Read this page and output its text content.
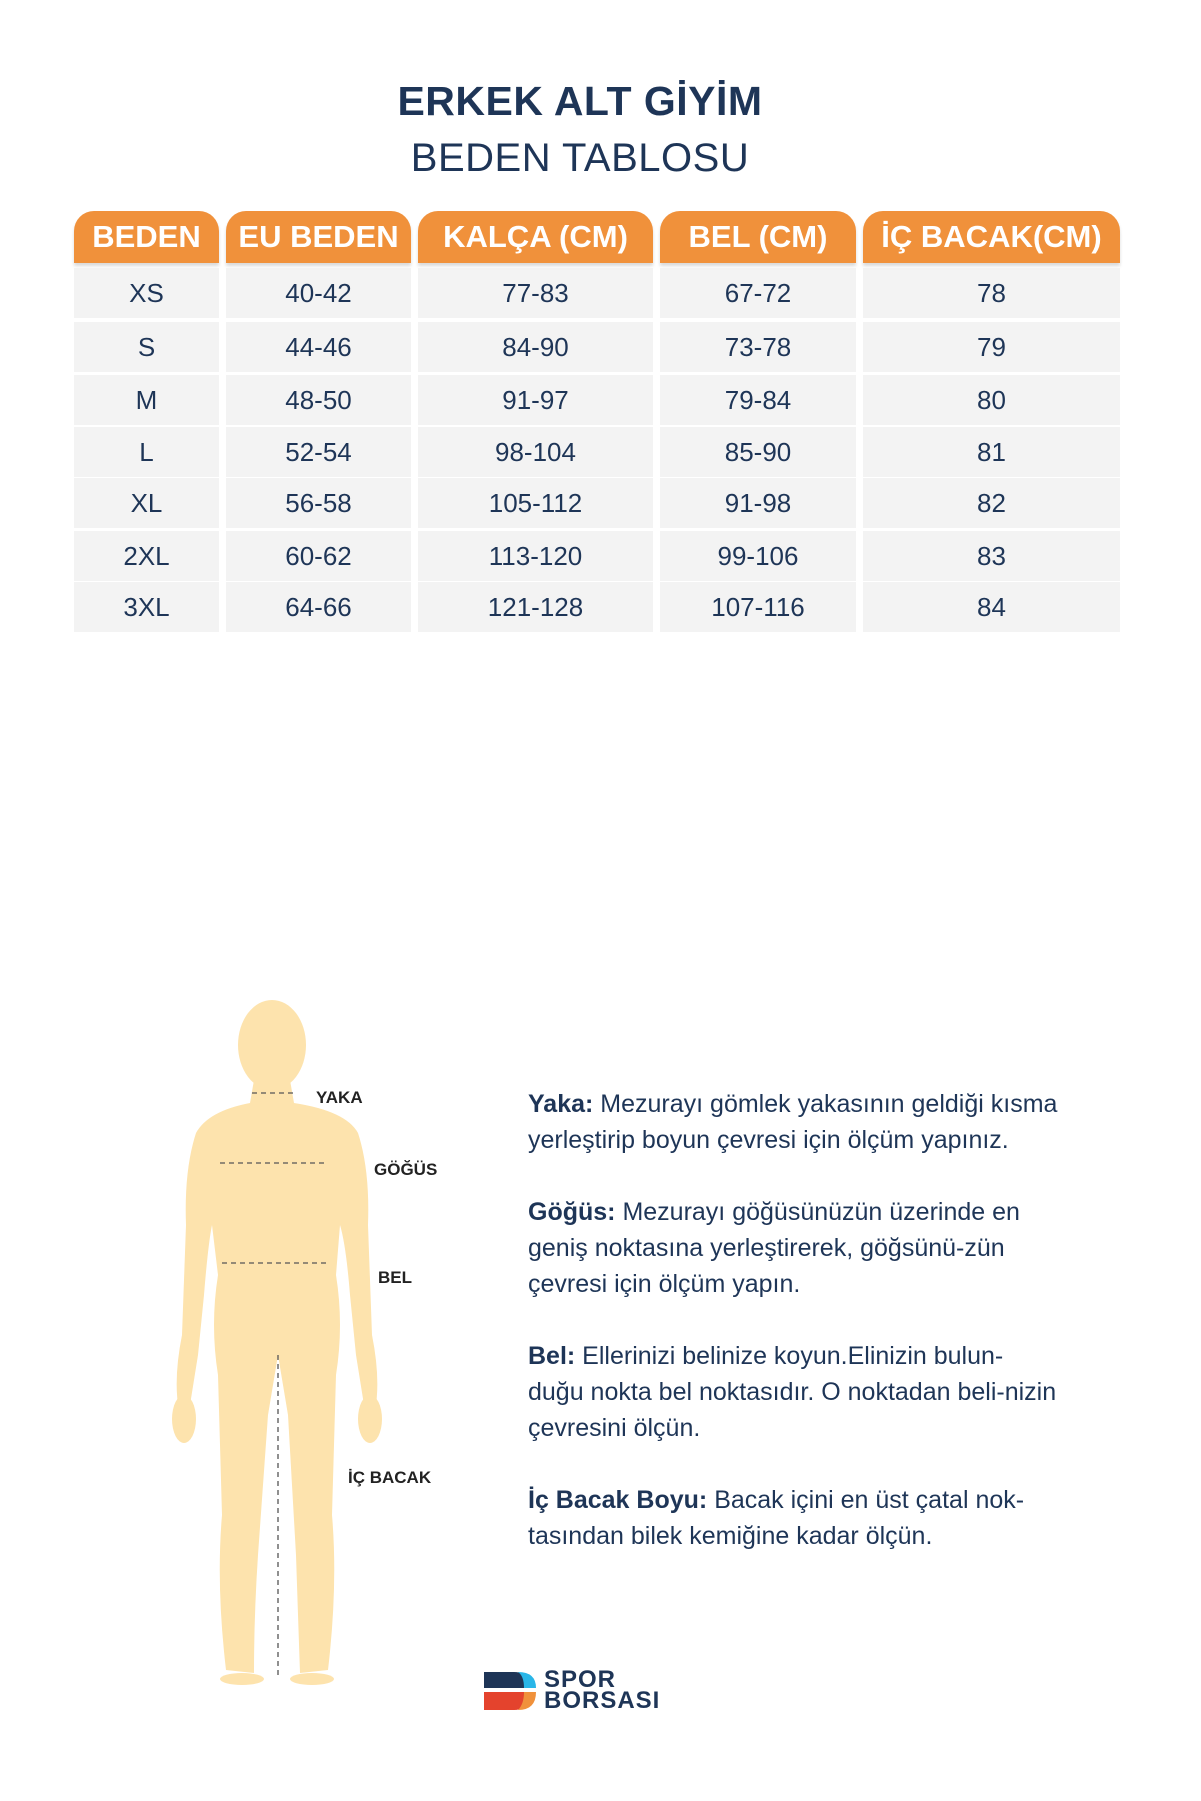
ERKEK ALT GİYİM
BEDEN TABLOSU
BEDEN	EU BEDEN	KALÇA (CM)	BEL (CM)	İÇ BACAK(CM)
XS	40-42	77-83	67-72	78
S	44-46	84-90	73-78	79
M	48-50	91-97	79-84	80
L	52-54	98-104	85-90	81
XL	56-58	105-112	91-98	82
2XL	60-62	113-120	99-106	83
3XL	64-66	121-128	107-116	84
YAKA
GÖĞÜS
BEL
İÇ BACAK

Yaka: Mezurayı gömlek yakasının geldiği kısma yerleştirip boyun çevresi için ölçüm yapınız.

Göğüs: Mezurayı göğüsünüzün üzerinde en geniş noktasına yerleştirerek, göğsünü-zün çevresi için ölçüm yapın.

Bel: Ellerinizi belinize koyun.Elinizin bulun-duğu nokta bel noktasıdır. O noktadan beli-nizin çevresini ölçün.

İç Bacak Boyu: Bacak içini en üst çatal nok-tasından bilek kemiğine kadar ölçün.

SPOR
BORSASI
